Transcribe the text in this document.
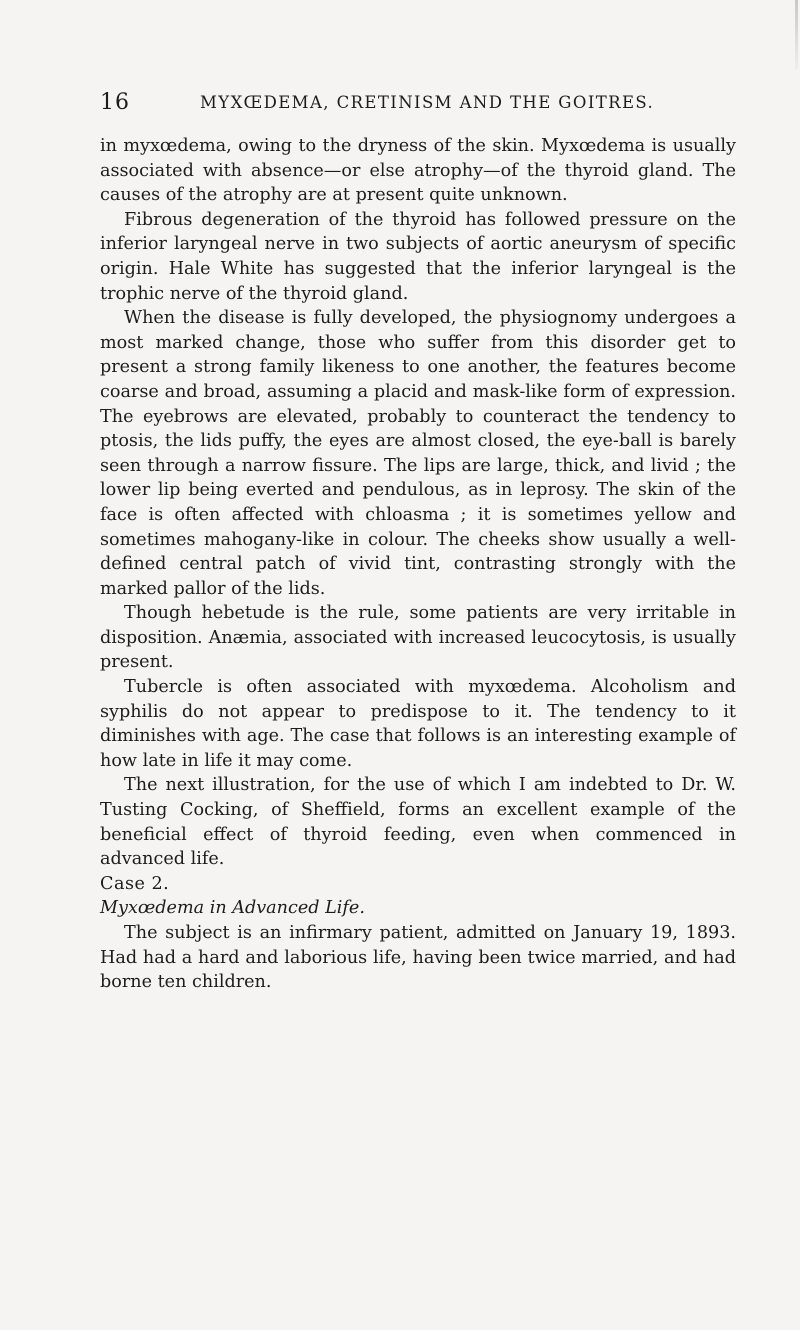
16	MYXŒDEMA, CRETINISM AND THE GOITRES.

in myxœdema, owing to the dryness of the skin. Myxœdema is usually associated with absence—or else atrophy—of the thyroid gland. The causes of the atrophy are at present quite unknown.

Fibrous degeneration of the thyroid has followed pressure on the inferior laryngeal nerve in two subjects of aortic aneurysm of specific origin. Hale White has suggested that the inferior laryngeal is the trophic nerve of the thyroid gland.

When the disease is fully developed, the physiognomy undergoes a most marked change, those who suffer from this disorder get to present a strong family likeness to one another, the features become coarse and broad, assuming a placid and mask-like form of expression. The eyebrows are elevated, probably to counteract the tendency to ptosis, the lids puffy, the eyes are almost closed, the eye-ball is barely seen through a narrow fissure. The lips are large, thick, and livid ; the lower lip being everted and pendulous, as in leprosy. The skin of the face is often affected with chloasma ; it is sometimes yellow and sometimes mahogany-like in colour. The cheeks show usually a well-defined central patch of vivid tint, contrasting strongly with the marked pallor of the lids.

Though hebetude is the rule, some patients are very irritable in disposition. Anæmia, associated with increased leucocytosis, is usually present.

Tubercle is often associated with myxœdema. Alcoholism and syphilis do not appear to predispose to it. The tendency to it diminishes with age. The case that follows is an interesting example of how late in life it may come.

The next illustration, for the use of which I am indebted to Dr. W. Tusting Cocking, of Sheffield, forms an excellent example of the beneficial effect of thyroid feeding, even when commenced in advanced life.

Case 2.

Myxœdema in Advanced Life.

The subject is an infirmary patient, admitted on January 19, 1893. Had had a hard and laborious life, having been twice married, and had borne ten children.
